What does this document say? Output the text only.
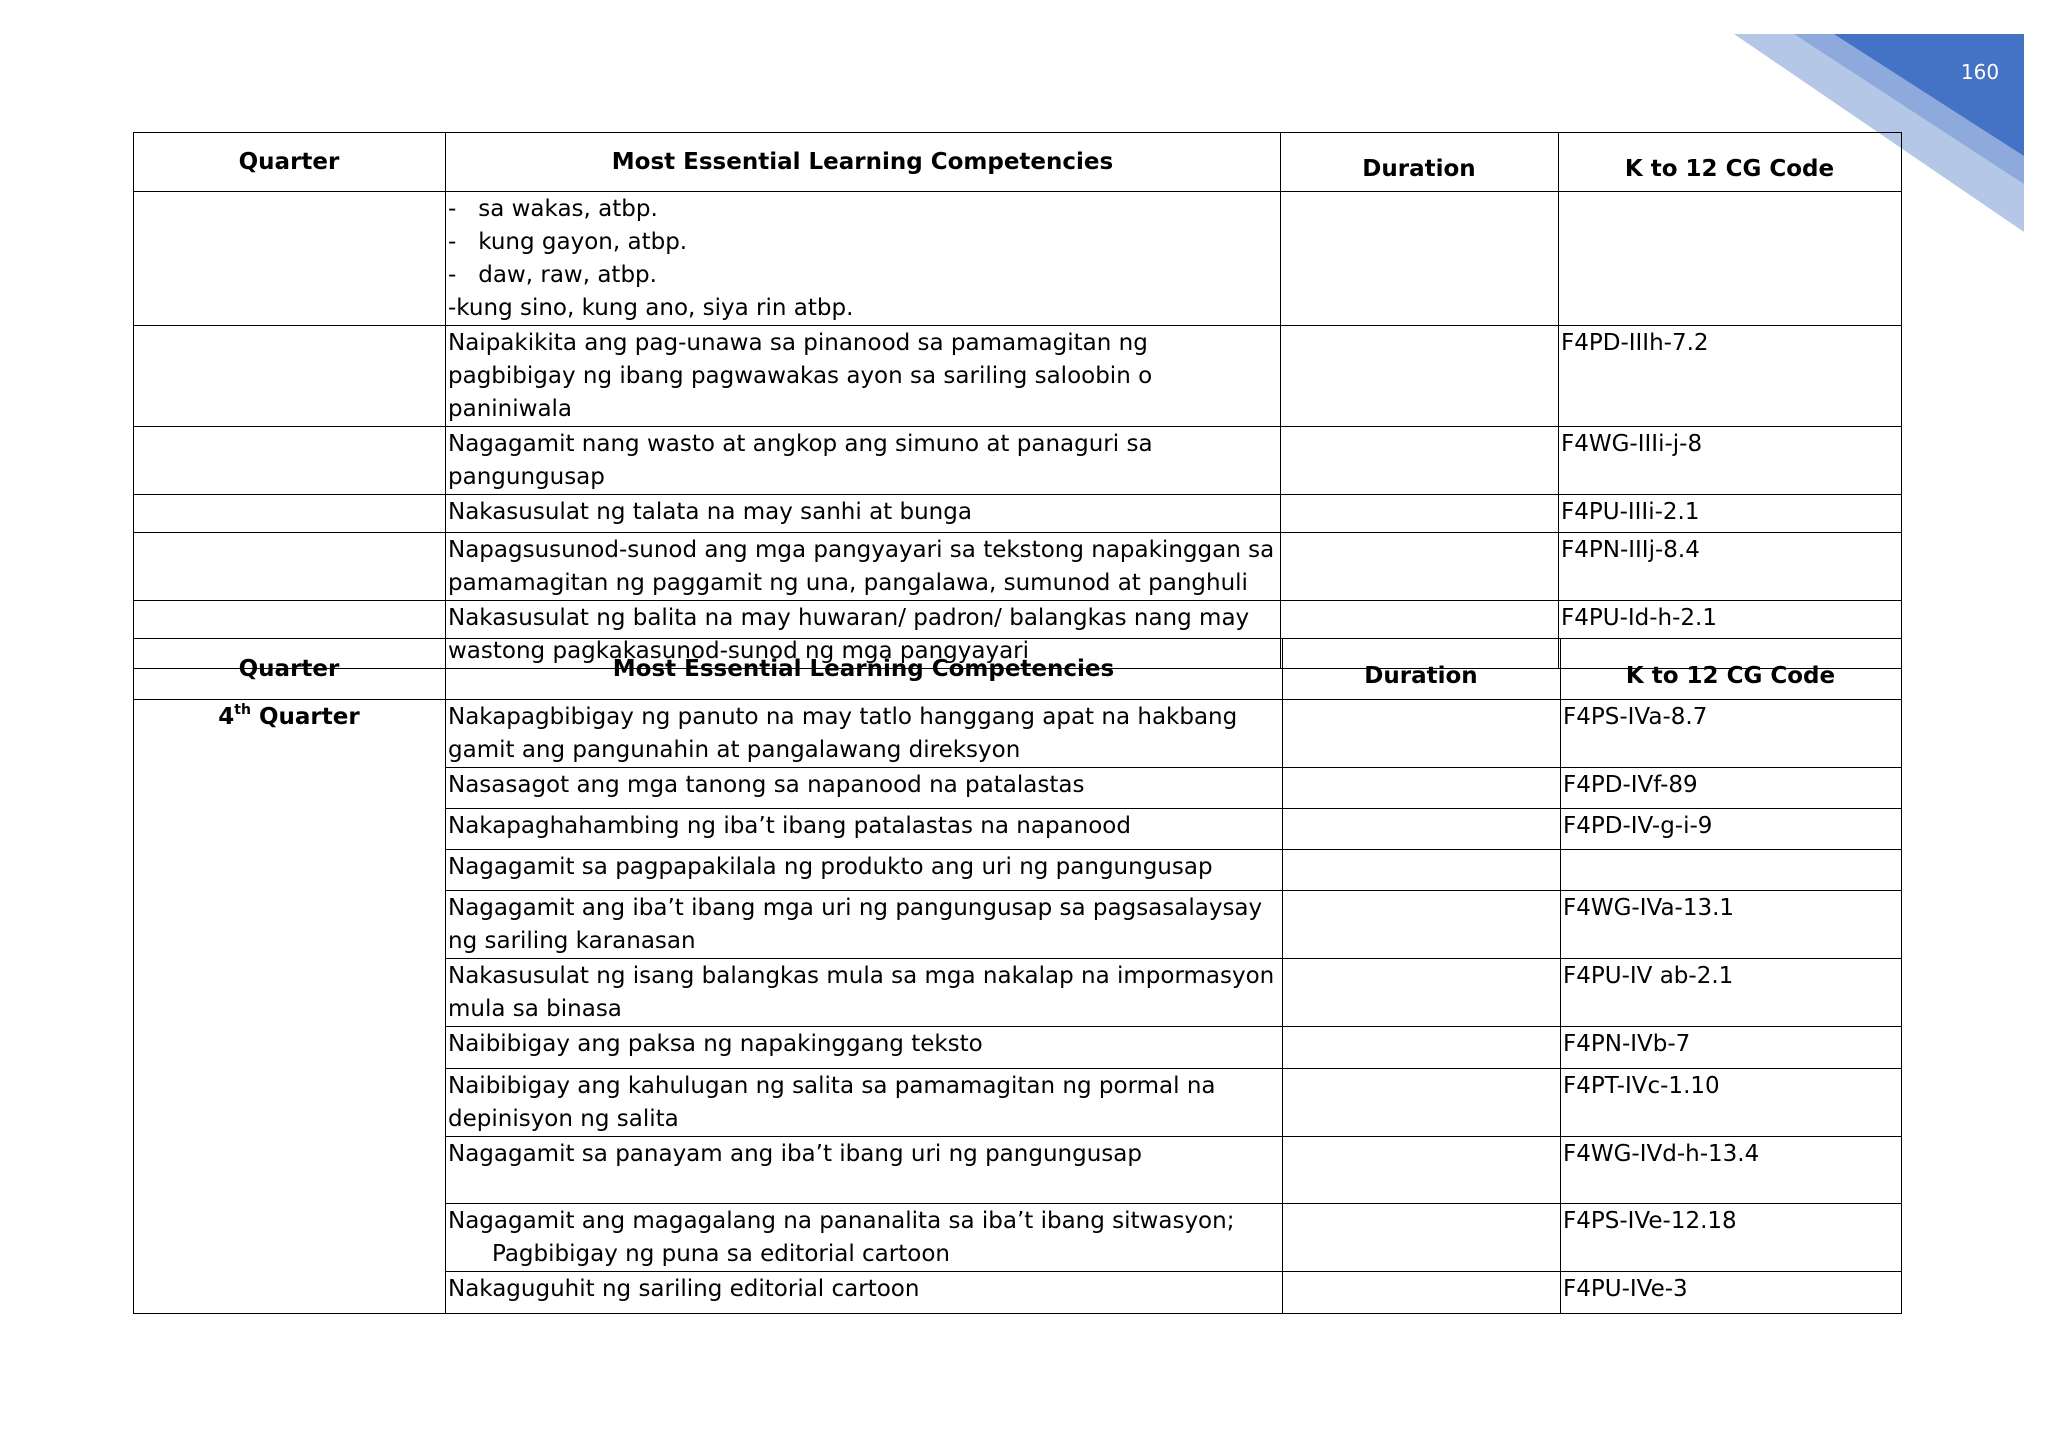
160
Quarter	Most Essential Learning Competencies	Duration	K to 12 CG Code

	-   sa wakas, atbp.
-   kung gayon, atbp.
-   daw, raw, atbp.
-kung sino, kung ano, siya rin atbp.		

	Naipakikita ang pag-unawa sa pinanood sa pamamagitan ng pagbibigay ng ibang pagwawakas ayon sa sariling saloobin o paniniwala		F4PD-IIIh-7.2
	Nagagamit nang wasto at angkop ang simuno at panaguri sa pangungusap		F4WG-IIIi-j-8
	Nakasusulat ng talata na may sanhi at bunga		F4PU-IIIi-2.1
	Napagsusunod-sunod ang mga pangyayari sa tekstong napakinggan sa pamamagitan ng paggamit ng una, pangalawa, sumunod at panghuli		F4PN-IIIj-8.4
	Nakasusulat ng balita na may huwaran/ padron/ balangkas nang may wastong pagkakasunod-sunod ng mga pangyayari		F4PU-Id-h-2.1
Quarter	Most Essential Learning Competencies	Duration	K to 12 CG Code
4th Quarter	Nakapagbibigay ng panuto na may tatlo hanggang apat na hakbang gamit ang pangunahin at pangalawang direksyon		F4PS-IVa-8.7
	Nasasagot ang mga tanong sa napanood na patalastas		F4PD-IVf-89
	Nakapaghahambing ng iba’t ibang patalastas na napanood		F4PD-IV-g-i-9
	Nagagamit sa pagpapakilala ng produkto ang uri ng pangungusap		
	Nagagamit ang iba’t ibang mga uri ng pangungusap sa pagsasalaysay ng sariling karanasan		F4WG-IVa-13.1
	Nakasusulat ng isang balangkas mula sa mga nakalap na impormasyon mula sa binasa		F4PU-IV ab-2.1
	Naibibigay ang paksa ng napakinggang teksto		F4PN-IVb-7
	Naibibigay ang kahulugan ng salita sa pamamagitan ng pormal na depinisyon ng salita		F4PT-IVc-1.10
	Nagagamit sa panayam ang iba’t ibang uri ng pangungusap		F4WG-IVd-h-13.4

	Nagagamit ang magagalang na pananalita sa iba’t ibang sitwasyon;
Pagbibigay ng puna sa editorial cartoon		F4PS-IVe-12.18
	Nakaguguhit ng sariling editorial cartoon		F4PU-IVe-3
